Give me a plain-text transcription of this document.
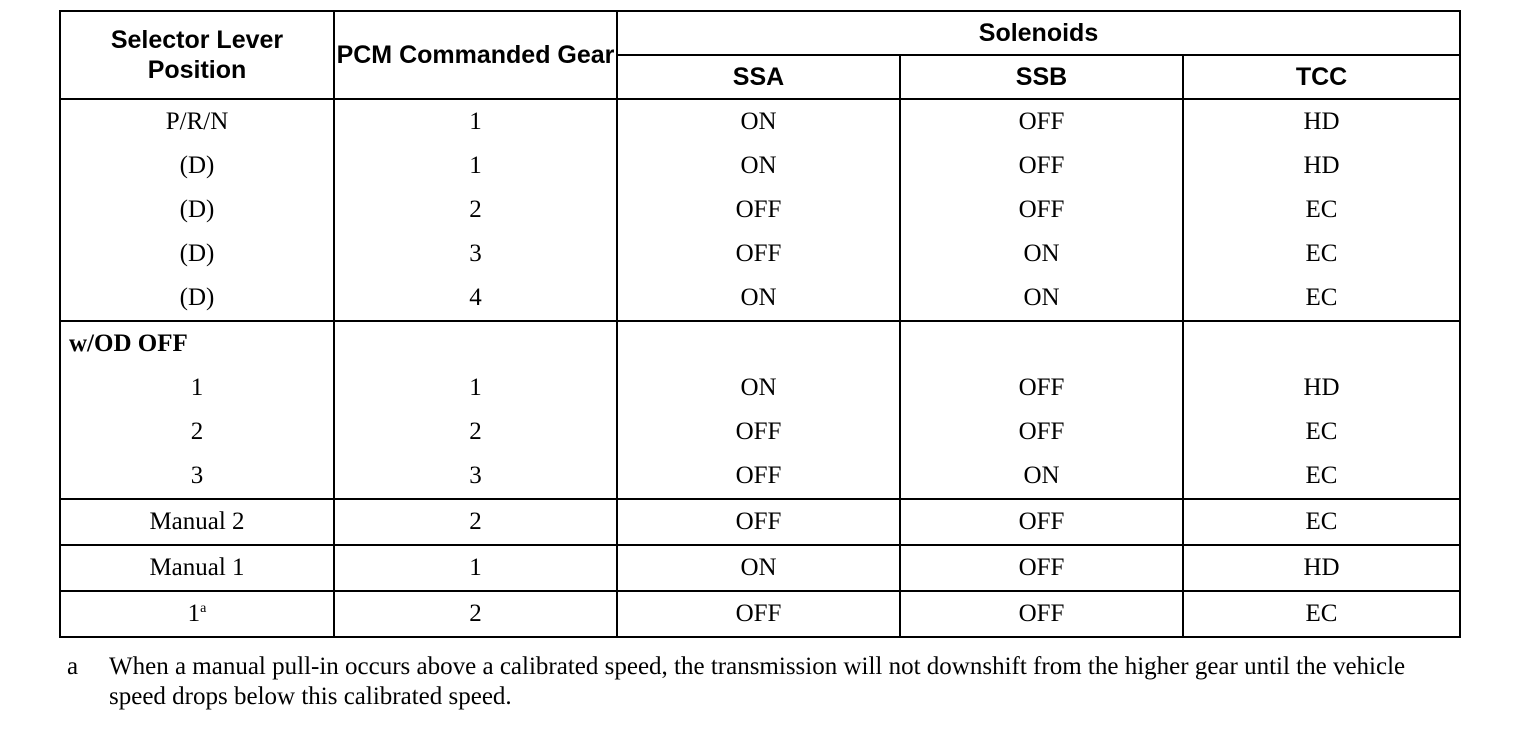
Selector Lever Position	PCM Commanded Gear	Solenoids		
		SSA	SSB	TCC
P/R/N	1	ON	OFF	HD
(D)	1	ON	OFF	HD
(D)	2	OFF	OFF	EC
(D)	3	OFF	ON	EC
(D)	4	ON	ON	EC
w/OD OFF				
1	1	ON	OFF	HD
2	2	OFF	OFF	EC
3	3	OFF	ON	EC
Manual 2	2	OFF	OFF	EC
Manual 1	1	ON	OFF	HD
1$^a$	2	OFF	OFF	EC
a	When a manual pull-in occurs above a calibrated speed, the transmission will not downshift from the higher gear until the vehicle speed drops below this calibrated speed.
